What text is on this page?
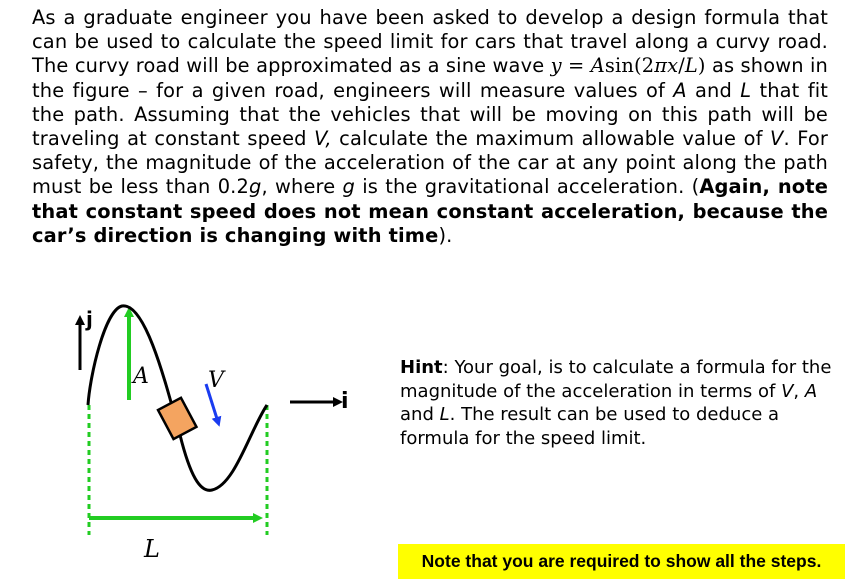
As a graduate engineer you have been asked to develop a design formula that can be used to calculate the speed limit for cars that travel along a curvy road. The curvy road will be approximated as a sine wave y = Asin(2πx/L) as shown in the figure – for a given road, engineers will measure values of A and L that fit the path. Assuming that the vehicles that will be moving on this path will be traveling at constant speed V, calculate the maximum allowable value of V. For safety, the magnitude of the acceleration of the car at any point along the path must be less than 0.2g, where g is the gravitational acceleration. (Again, note that constant speed does not mean constant acceleration, because the car’s direction is changing with time).
j
A	V
i
L
Hint: Your goal, is to calculate a formula for the magnitude of the acceleration in terms of V, A and L. The result can be used to deduce a formula for the speed limit.
Note that you are required to show all the steps.
